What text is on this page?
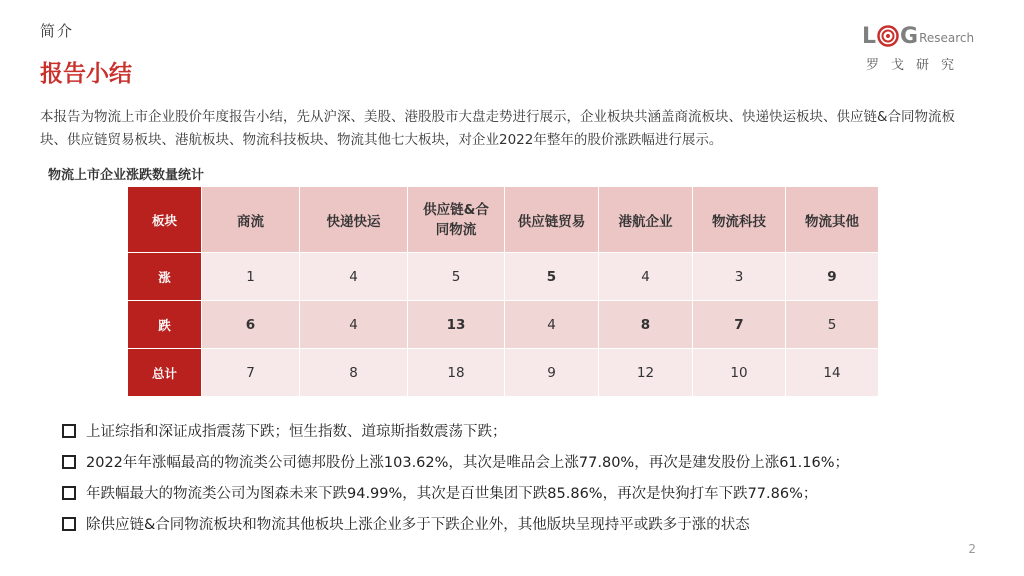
简介
报告小结
L G Research
罗戈研究
本报告为物流上市企业股价年度报告小结，先从沪深、美股、港股股市大盘走势进行展示，企业板块共涵盖商流板块、快递快运板块、供应链&合同物流板块、供应链贸易板块、港航板块、物流科技板块、物流其他七大板块，对企业2022年整年的股价涨跌幅进行展示。
物流上市企业涨跌数量统计
板块	商流	快递快运	供应链&合同物流	供应链贸易	港航企业	物流科技	物流其他
涨	1	4	5	5	4	3	9
跌	6	4	13	4	8	7	5
总计	7	8	18	9	12	10	14
上证综指和深证成指震荡下跌；恒生指数、道琼斯指数震荡下跌；
2022年年涨幅最高的物流类公司德邦股份上涨103.62%，其次是唯品会上涨77.80%，再次是建发股份上涨61.16%；
年跌幅最大的物流类公司为图森未来下跌94.99%，其次是百世集团下跌85.86%，再次是快狗打车下跌77.86%；
除供应链&合同物流板块和物流其他板块上涨企业多于下跌企业外，其他版块呈现持平或跌多于涨的状态
2
